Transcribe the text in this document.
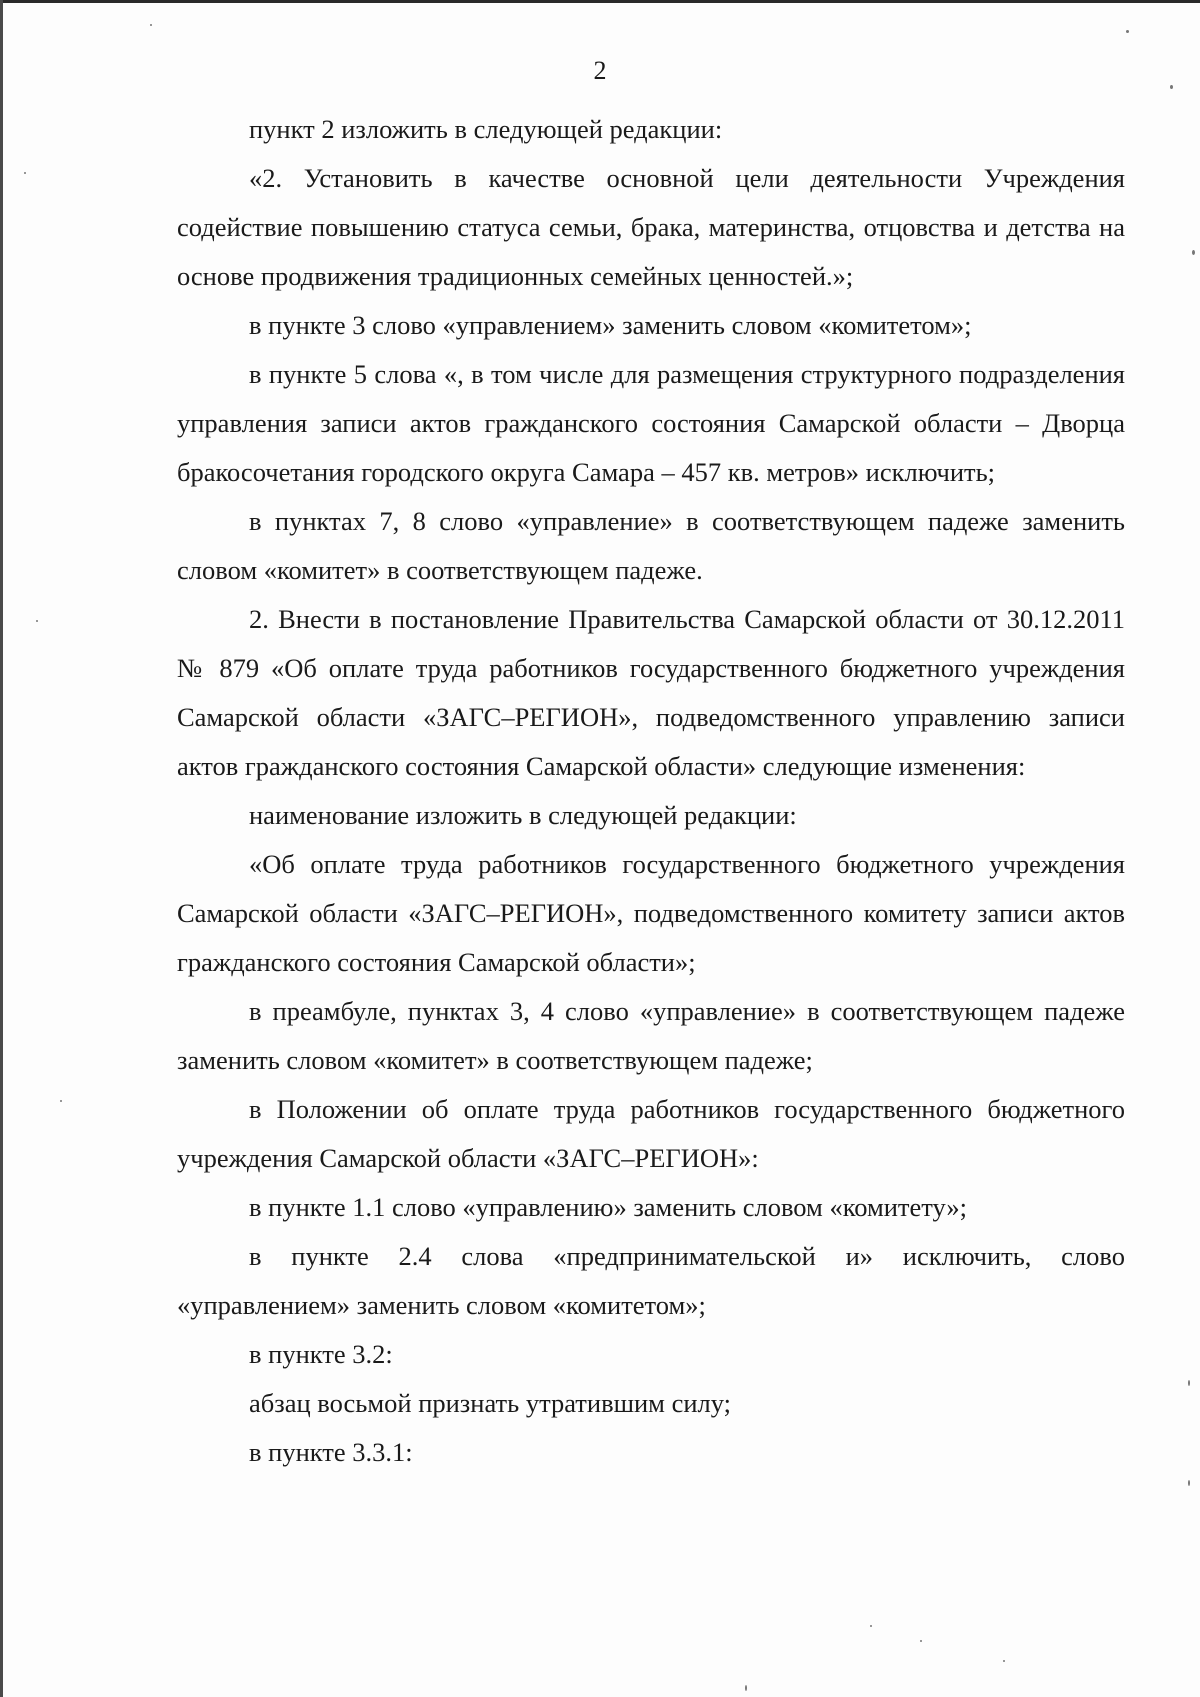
2

пункт 2 изложить в следующей редакции:

«2. Установить в качестве основной цели деятельности Учреждения содействие повышению статуса семьи, брака, материнства, отцовства и детства на основе продвижения традиционных семейных ценностей.»;

в пункте 3 слово «управлением» заменить словом «комитетом»;

в пункте 5 слова «, в том числе для размещения структурного подразделения управления записи актов гражданского состояния Самарской области – Дворца бракосочетания городского округа Самара – 457 кв. метров» исключить;

в пунктах 7, 8 слово «управление» в соответствующем падеже заменить словом «комитет» в соответствующем падеже.

2. Внести в постановление Правительства Самарской области от 30.12.2011 № 879 «Об оплате труда работников государственного бюджетного учреждения Самарской области «ЗАГС–РЕГИОН», подведомственного управлению записи актов гражданского состояния Самарской области» следующие изменения:

наименование изложить в следующей редакции:

«Об оплате труда работников государственного бюджетного учреждения Самарской области «ЗАГС–РЕГИОН», подведомственного комитету записи актов гражданского состояния Самарской области»;

в преамбуле, пунктах 3, 4 слово «управление» в соответствующем падеже заменить словом «комитет» в соответствующем падеже;

в Положении об оплате труда работников государственного бюджетного учреждения Самарской области «ЗАГС–РЕГИОН»:

в пункте 1.1 слово «управлению» заменить словом «комитету»;

в пункте 2.4 слова «предпринимательской и» исключить, слово «управлением» заменить словом «комитетом»;

в пункте 3.2:

абзац восьмой признать утратившим силу;

в пункте 3.3.1:
